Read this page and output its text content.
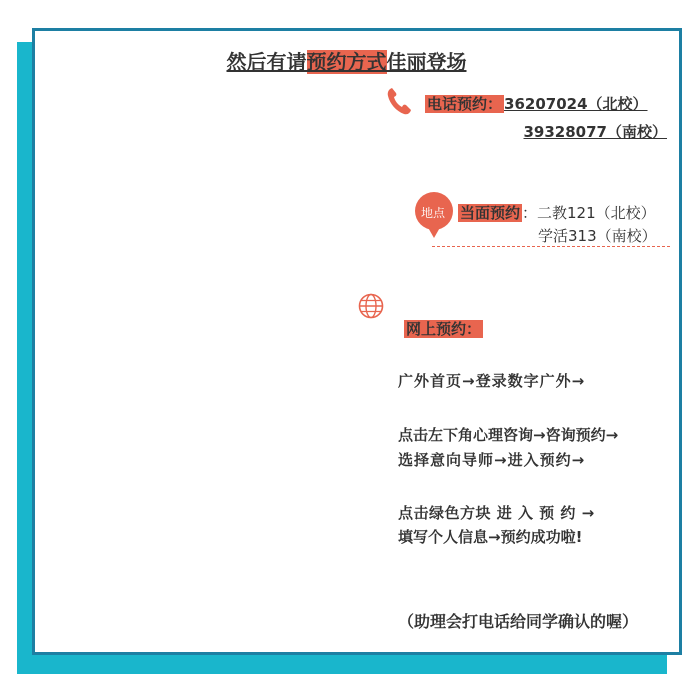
然后有请预约方式佳丽登场
电话预约： 36207024（北校）
39328077（南校）
地点 当面预约 ：二教121（北校）
学活313（南校）
网上预约：
广外首页→登录数字广外→
点击左下角心理咨询→咨询预约→
选择意向导师→进入预约→
点击绿色方块 进 入 预 约 →
填写个人信息→预约成功啦!
（助理会打电话给同学确认的喔）
